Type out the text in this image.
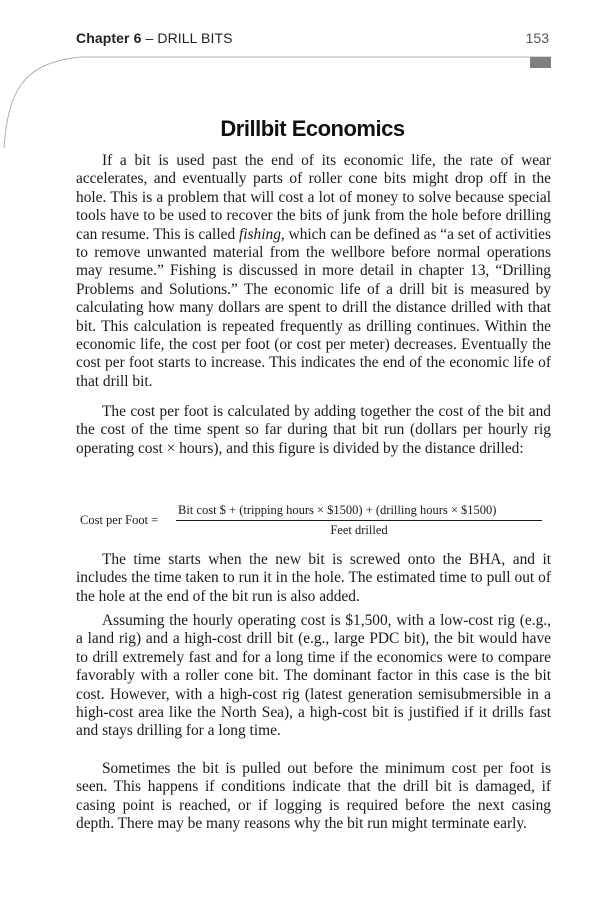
Chapter 6 – DRILL BITS	153
Drillbit Economics

If a bit is used past the end of its economic life, the rate of wear accelerates, and eventually parts of roller cone bits might drop off in the hole. This is a problem that will cost a lot of money to solve because special tools have to be used to recover the bits of junk from the hole before drilling can resume. This is called fishing, which can be defined as “a set of activities to remove unwanted material from the wellbore before normal operations may resume.” Fishing is discussed in more detail in chapter 13, “Drilling Problems and Solutions.” The economic life of a drill bit is measured by calculating how many dollars are spent to drill the distance drilled with that bit. This calculation is repeated frequently as drilling continues. Within the economic life, the cost per foot (or cost per meter) decreases. Eventually the cost per foot starts to increase. This indicates the end of the economic life of that drill bit.

The cost per foot is calculated by adding together the cost of the bit and the cost of the time spent so far during that bit run (dollars per hourly rig operating cost × hours), and this figure is divided by the distance drilled:

Cost per Foot =
Bit cost $ + (tripping hours × $1500) + (drilling hours × $1500)
Feet drilled

The time starts when the new bit is screwed onto the BHA, and it includes the time taken to run it in the hole. The estimated time to pull out of the hole at the end of the bit run is also added.

Assuming the hourly operating cost is $1,500, with a low-cost rig (e.g., a land rig) and a high-cost drill bit (e.g., large PDC bit), the bit would have to drill extremely fast and for a long time if the economics were to compare favorably with a roller cone bit. The dominant factor in this case is the bit cost. However, with a high-cost rig (latest generation semisubmersible in a high-cost area like the North Sea), a high-cost bit is justified if it drills fast and stays drilling for a long time.

Sometimes the bit is pulled out before the minimum cost per foot is seen. This happens if conditions indicate that the drill bit is damaged, if casing point is reached, or if logging is required before the next casing depth. There may be many reasons why the bit run might terminate early.
